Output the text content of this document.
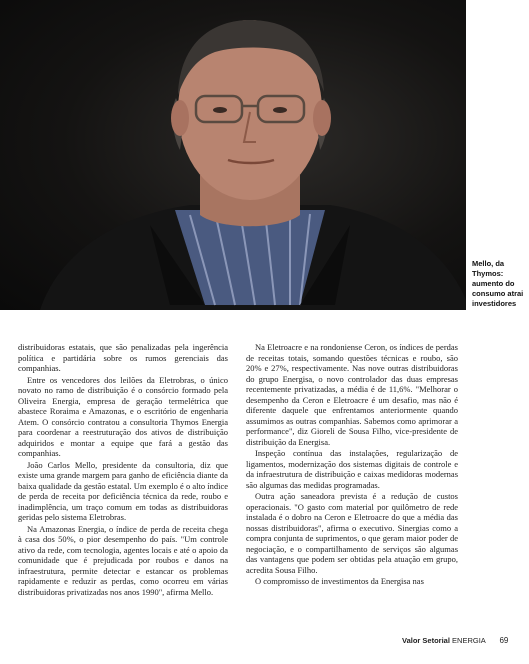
Mello, da
Thymos:
aumento do
consumo atrai
investidores

distribuidoras estatais, que são penalizadas pela ingerência política e partidária sobre os rumos gerenciais das companhias.

Entre os vencedores dos leilões da Eletrobras, o único novato no ramo de distribuição é o consórcio formado pela Oliveira Energia, empresa de geração termelétrica que abastece Roraima e Amazonas, e o escritório de engenharia Atem. O consórcio contratou a consultoria Thymos Energia para coordenar a reestruturação dos ativos de distribuição adquiridos e montar a equipe que fará a gestão das companhias.

João Carlos Mello, presidente da consultoria, diz que existe uma grande margem para ganho de eficiência diante da baixa qualidade da gestão estatal. Um exemplo é o alto índice de perda de receita por deficiência técnica da rede, roubo e inadimplência, um traço comum em todas as distribuidoras geridas pelo sistema Eletrobras.

Na Amazonas Energia, o índice de perda de receita chega à casa dos 50%, o pior desempenho do país. "Um controle ativo da rede, com tecnologia, agentes locais e até o apoio da comunidade que é prejudicada por roubos e danos na infraestrutura, permite detectar e estancar os problemas rapidamente e reduzir as perdas, como ocorreu em várias distribuidoras privatizadas nos anos 1990", afirma Mello.

Na Eletroacre e na rondoniense Ceron, os índices de perdas de receitas totais, somando questões técnicas e roubo, são 20% e 27%, respectivamente. Nas nove outras distribuidoras do grupo Energisa, o novo controlador das duas empresas recentemente privatizadas, a média é de 11,6%. "Melhorar o desempenho da Ceron e Eletroacre é um desafio, mas não é diferente daquele que enfrentamos anteriormente quando assumimos as outras companhias. Sabemos como aprimorar a performance", diz Gioreli de Sousa Filho, vice-presidente de distribuição da Energisa.

Inspeção contínua das instalações, regularização de ligamentos, modernização dos sistemas digitais de controle e da infraestrutura de distribuição e caixas medidoras modernas são algumas das medidas programadas.

Outra ação saneadora prevista é a redução de custos operacionais. "O gasto com material por quilômetro de rede instalada é o dobro na Ceron e Eletroacre do que a média das nossas distribuidoras", afirma o executivo. Sinergias como a compra conjunta de suprimentos, o que geram maior poder de negociação, e o compartilhamento de serviços são algumas das vantagens que podem ser obtidas pela atuação em grupo, acredita Sousa Filho.

O compromisso de investimentos da Energisa nas

Valor Setorial ENERGIA 69
